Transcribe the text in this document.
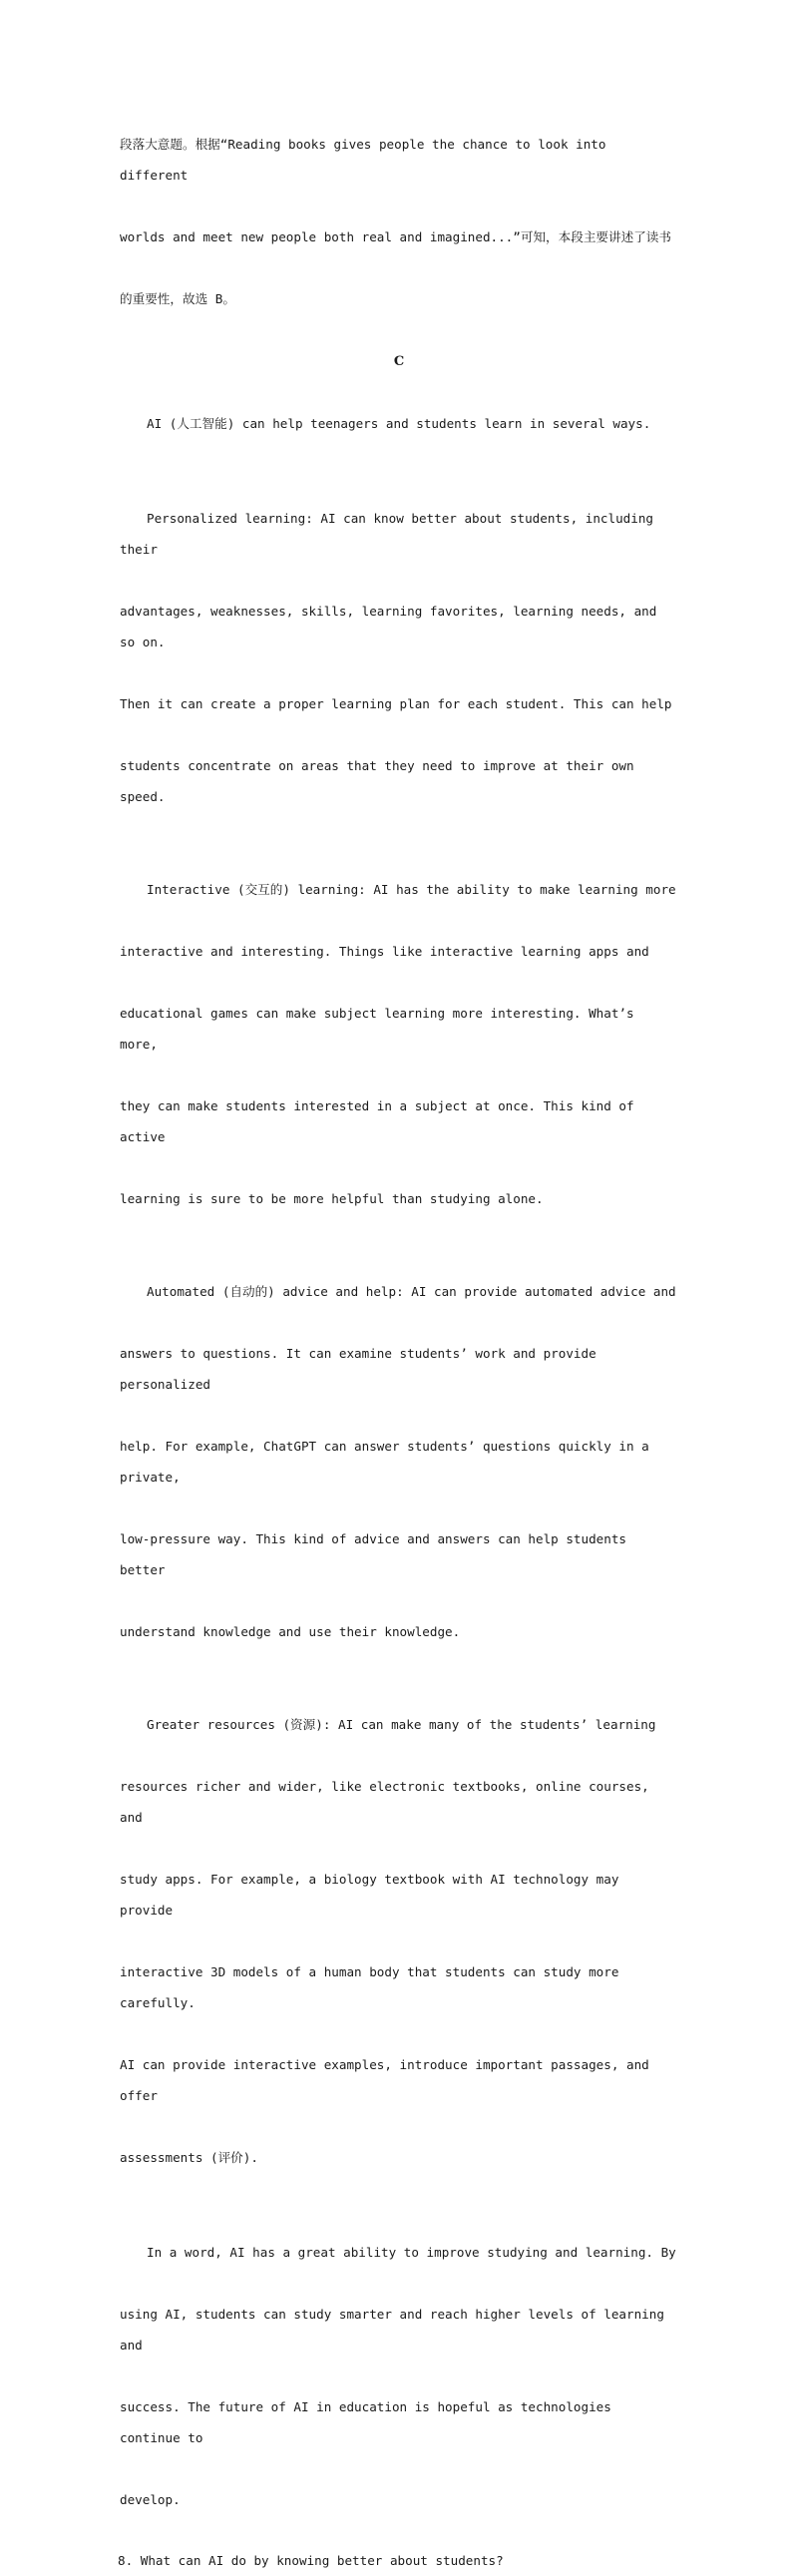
段落大意题。根据“Reading books gives people the chance to look into different

worlds and meet new people both real and imagined...”可知，本段主要讲述了读书

的重要性，故选 B。

C

AI (人工智能) can help teenagers and students learn in several ways.

Personalized learning: AI can know better about students, including their

advantages, weaknesses, skills, learning favorites, learning needs, and so on.

Then it can create a proper learning plan for each student. This can help

students concentrate on areas that they need to improve at their own speed.

Interactive (交互的) learning: AI has the ability to make learning more

interactive and interesting. Things like interactive learning apps and

educational games can make subject learning more interesting. What’s more,

they can make students interested in a subject at once. This kind of active

learning is sure to be more helpful than studying alone.

Automated (自动的) advice and help: AI can provide automated advice and

answers to questions. It can examine students’ work and provide personalized

help. For example, ChatGPT can answer students’ questions quickly in a private,

low-pressure way. This kind of advice and answers can help students better

understand knowledge and use their knowledge.

Greater resources (资源): AI can make many of the students’ learning

resources richer and wider, like electronic textbooks, online courses, and

study apps. For example, a biology textbook with AI technology may provide

interactive 3D models of a human body that students can study more carefully.

AI can provide interactive examples, introduce important passages, and offer

assessments (评价).

In a word, AI has a great ability to improve studying and learning. By

using AI, students can study smarter and reach higher levels of learning and

success. The future of AI in education is hopeful as technologies continue to

develop.

8. What can AI do by knowing better about students?
